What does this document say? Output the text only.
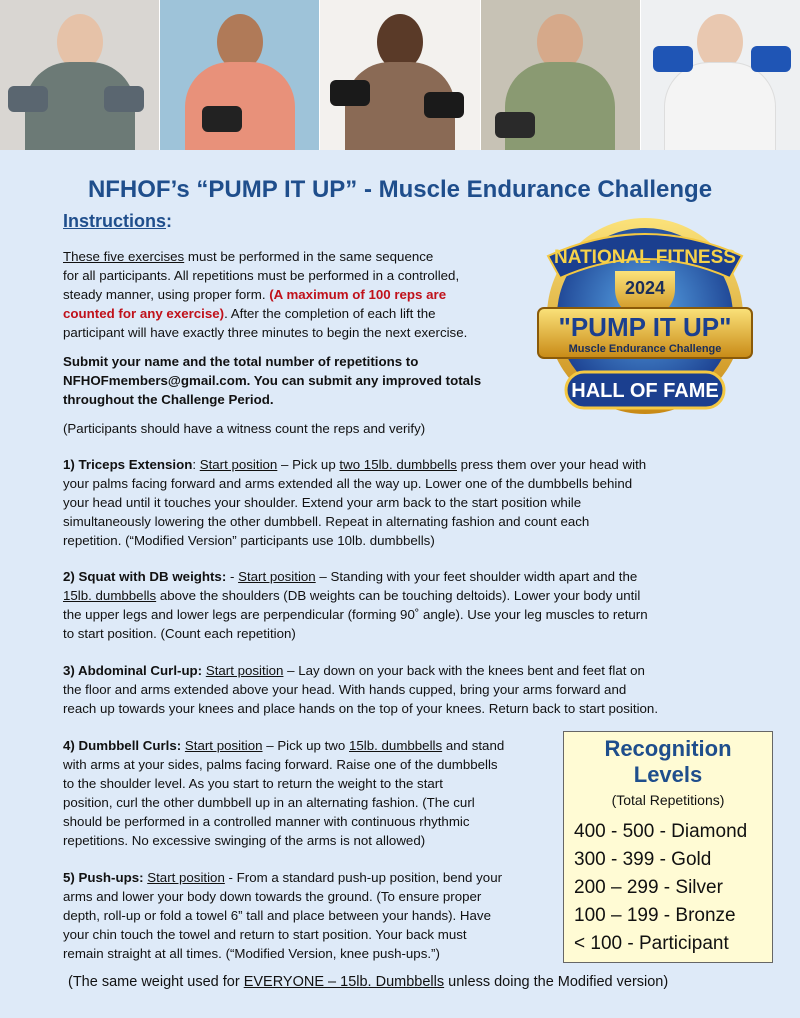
NFHOF’s “PUMP IT UP” - Muscle Endurance Challenge
Instructions:
These five exercises must be performed in the same sequence
for all participants. All repetitions must be performed in a controlled,
steady manner, using proper form. (A maximum of 100 reps are
counted for any exercise). After the completion of each lift the
participant will have exactly three minutes to begin the next exercise.
Submit your name and the total number of repetitions to
NFHOFmembers@gmail.com. You can submit any improved totals
throughout the Challenge Period.
(Participants should have a witness count the reps and verify)
NATIONAL FITNESS
2024
"PUMP IT UP"
Muscle Endurance Challenge
HALL OF FAME
1) Triceps Extension: Start position – Pick up two 15lb. dumbbells press them over your head with
your palms facing forward and arms extended all the way up. Lower one of the dumbbells behind
your head until it touches your shoulder. Extend your arm back to the start position while
simultaneously lowering the other dumbbell. Repeat in alternating fashion and count each
repetition. (“Modified Version” participants use 10lb. dumbbells)
2) Squat with DB weights: - Start position – Standing with your feet shoulder width apart and the
15lb. dumbbells above the shoulders (DB weights can be touching deltoids). Lower your body until
the upper legs and lower legs are perpendicular (forming 90˚ angle). Use your leg muscles to return
to start position. (Count each repetition)
3) Abdominal Curl-up: Start position – Lay down on your back with the knees bent and feet flat on
the floor and arms extended above your head. With hands cupped, bring your arms forward and
reach up towards your knees and place hands on the top of your knees. Return back to start position.
4) Dumbbell Curls: Start position – Pick up two 15lb. dumbbells and stand
with arms at your sides, palms facing forward. Raise one of the dumbbells
to the shoulder level. As you start to return the weight to the start
position, curl the other dumbbell up in an alternating fashion. (The curl
should be performed in a controlled manner with continuous rhythmic
repetitions. No excessive swinging of the arms is not allowed)
5) Push-ups: Start position - From a standard push-up position, bend your
arms and lower your body down towards the ground. (To ensure proper
depth, roll-up or fold a towel 6” tall and place between your hands). Have
your chin touch the towel and return to start position. Your back must
remain straight at all times. (“Modified Version, knee push-ups.”)
Recognition
Levels
(Total Repetitions)
400 - 500 - Diamond
300 - 399 - Gold
200 – 299 - Silver
100 – 199 - Bronze
< 100 - Participant
(The same weight used for EVERYONE – 15lb. Dumbbells unless doing the Modified version)
